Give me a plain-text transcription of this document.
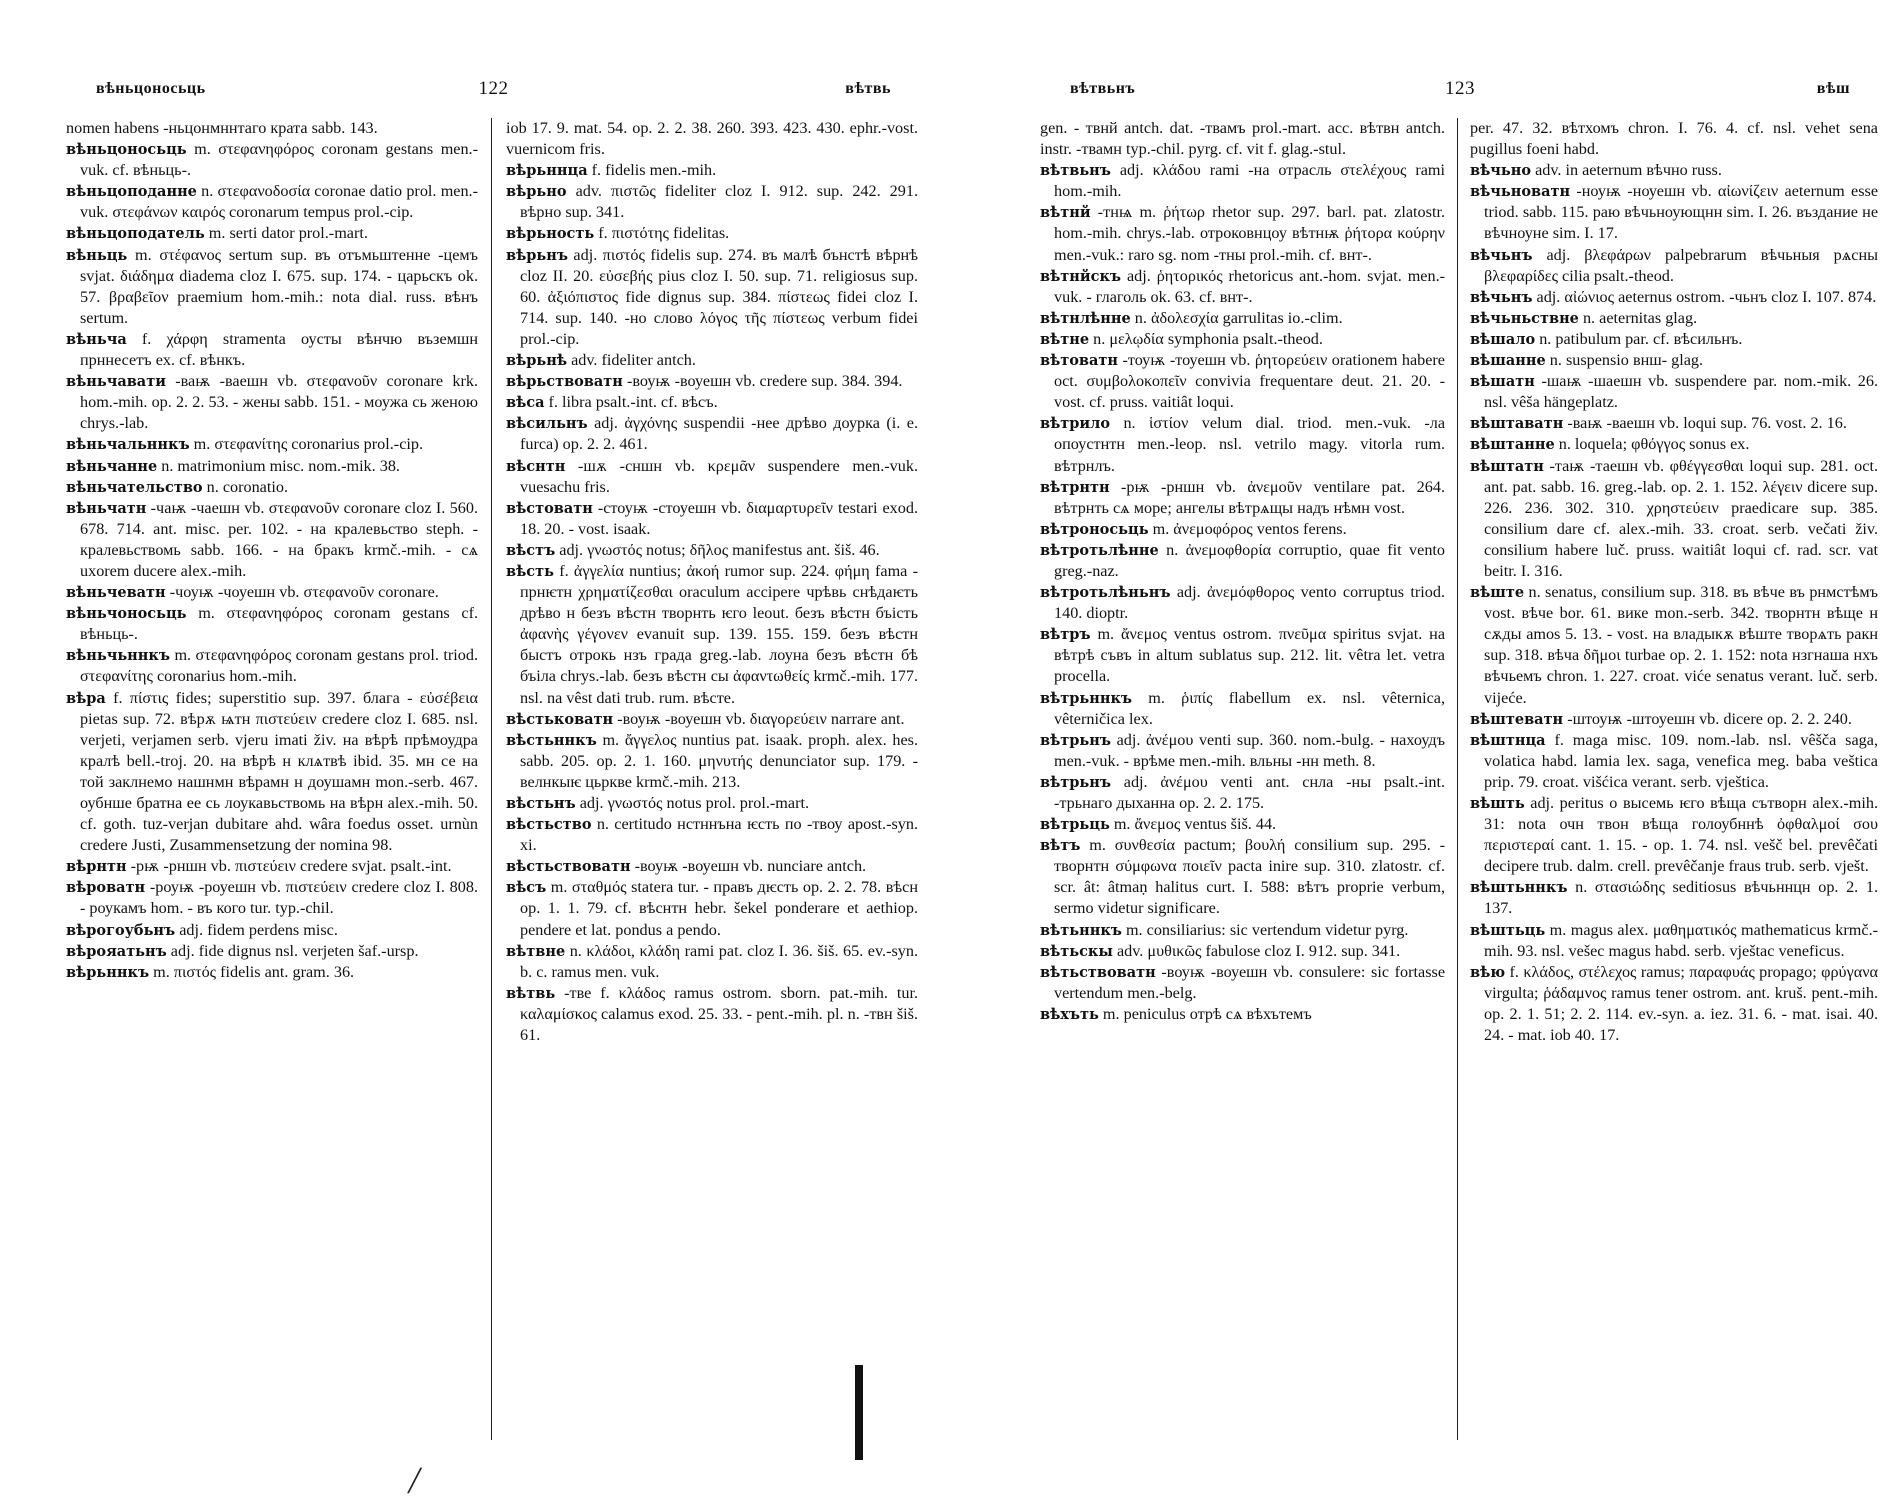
вѣньцоносьць	122	вѣтвь

nomen habens -ньцонмннтаго крата sabb. 143.

вѣньцоносьць m. στεφανηφόρος coronam gestans men.-vuk. cf. вѣньць-.

вѣньцоподанне n. στεφανοδοσία coronae datio prol. men.-vuk. στεφάνων καιρός coronarum tempus prol.-cip.

вѣньцоподатель m. serti dator prol.-mart.

вѣньць m. στέφανος sertum sup. въ отъмьштенне -цемъ svjat. διάδημα diadema cloz I. 675. sup. 174. - царьскъ ok. 57. βραβεῖον praemium hom.-mih.: nota dial. russ. вѣнъ sertum.

вѣньча f. χάρφη stramenta оусты вѣнчю въземшн прннесетъ ex. cf. вѣнкъ.

вѣньчавати -ваѭ -ваешн vb. στεφανοῦν coronare krk. hom.-mih. op. 2. 2. 53. - жены sabb. 151. - моужа сь женою chrys.-lab.

вѣньчальннкъ m. στεφανίτης coronarius prol.-cip.

вѣньчанне n. matrimonium misc. nom.-mik. 38.

вѣньчательство n. coronatio.

вѣньчатн -чаѭ -чаешн vb. στεφανοῦν coronare cloz I. 560. 678. 714. ant. misc. per. 102. - на кралевьство steph. - кралевьствомь sabb. 166. - на бракъ krmč.-mih. - сѧ uxorem ducere alex.-mih.

вѣньчеватн -чоуѭ -чоуешн vb. στεφανοῦν coronare.

вѣньчоносьць m. στεφανηφόρος coronam gestans cf. вѣньць-.

вѣньчьннкъ m. στεφανηφόρος coronam gestans prol. triod. στεφανίτης coronarius hom.-mih.

вѣра f. πίστις fides; superstitio sup. 397. блага - εὐσέβεια pietas sup. 72. вѣрѫ ѩтн πιστεύειν credere cloz I. 685. nsl. verjeti, verjamen serb. vjeru imati živ. на вѣрѣ прѣмоудра кралѣ bell.-troj. 20. на вѣрѣ н клѧтвѣ ibid. 35. мн се на той заклнемо нашнмн вѣрамн н доушамн mon.-serb. 467. оубнше братна ее сь лоукавьствомь на вѣрн alex.-mih. 50. cf. goth. tuz-verjan dubitare ahd. wâra foedus osset. urnùn credere Justi, Zusammensetzung der nomina 98.

вѣрнтн -рѭ -рншн vb. πιστεύειν credere svjat. psalt.-int.

вѣроватн -роуѭ -роуешн vb. πιστεύειν credere cloz I. 808. - роукамъ hom. - въ кого tur. typ.-chil.

вѣрогоубьнъ adj. fidem perdens misc.

вѣрояатьнъ adj. fide dignus nsl. verjeten šaf.-ursp.

вѣрьннкъ m. πιστός fidelis ant. gram. 36.

iob 17. 9. mat. 54. op. 2. 2. 38. 260. 393. 423. 430. ephr.-vost. vuernicom fris.

вѣрьннца f. fidelis men.-mih.

вѣрьно adv. πιστῶς fideliter cloz I. 912. sup. 242. 291. вѣрно sup. 341.

вѣрьность f. πιστότης fidelitas.

вѣрьнъ adj. πιστός fidelis sup. 274. въ малѣ бънстѣ вѣрнѣ cloz II. 20. εὐσεβής pius cloz I. 50. sup. 71. religiosus sup. 60. ἀξιόπιστος fide dignus sup. 384. πίστεως fidei cloz I. 714. sup. 140. -но слово λόγος τῆς πίστεως verbum fidei prol.-cip.

вѣрьнѣ adv. fideliter antch.

вѣрьствоватн -воуѭ -воуешн vb. credere sup. 384. 394.

вѣса f. libra psalt.-int. cf. вѣсъ.

вѣсильнъ adj. ἀγχόνης suspendii -нее дрѣво доурка (i. e. furca) op. 2. 2. 461.

вѣснтн -шѫ -сншн vb. κρεμᾶν suspendere men.-vuk. vuesachu fris.

вѣстоватн -стоуѭ -стоуешн vb. διαμαρτυρεῖν testari exod. 18. 20. - vost. isaak.

вѣстъ adj. γνωστός notus; δῆλος manifestus ant. šiš. 46.

вѣсть f. ἀγγελία nuntius; ἀκοή rumor sup. 224. φήμη fama - прнѥтн χρηματίζεσθαι oraculum accipere чрѣвь снѣдаѥть дрѣво н безъ вѣстн творнть ѥго leout. безъ вѣстн бъість ἀφανὴς γέγονεν evanuit sup. 139. 155. 159. безъ вѣстн быстъ отрокь нзъ града greg.-lab. лоуна безъ вѣстн бѣ бъіла chrys.-lab. безъ вѣстн сы ἀφαντωθείς krmč.-mih. 177. nsl. na vêst dati trub. rum. вѣсте.

вѣстьковатн -воуѭ -воуешн vb. διαγορεύειν narrare ant.

вѣстьннкъ m. ἄγγελος nuntius pat. isaak. proph. alex. hes. sabb. 205. op. 2. 1. 160. μηνυτής denunciator sup. 179. - велнкыѥ цьркве krmč.-mih. 213.

вѣстьнъ adj. γνωστός notus prol. prol.-mart.

вѣстьство n. certitudo нстннъна ѥсть по -твоу apost.-syn. xi.

вѣстьствоватн -воуѭ -воуешн vb. nunciare antch.

вѣсъ m. σταθμός statera tur. - правъ дѥсть op. 2. 2. 78. вѣсн op. 1. 1. 79. cf. вѣснтн hebr. šekel ponderare et aethiop. pendere et lat. pondus a pendo.

вѣтвне n. κλάδοι, κλάδη rami pat. cloz I. 36. šiš. 65. ev.-syn. b. c. ramus men. vuk.

вѣтвь -тве f. κλάδος ramus ostrom. sborn. pat.-mih. tur. καλαμίσκος calamus exod. 25. 33. - pent.-mih. pl. n. -твн šiš. 61.

вѣтвьнъ	123	вѣш

gen. - твнй antch. dat. -твамъ prol.-mart. acc. вѣтвн antch. instr. -твамн typ.-chil. pyrg. cf. vit f. glag.-stul.

вѣтвьнъ adj. κλάδου rami -на отрасль στελέχους rami hom.-mih.

вѣтнй -тнѩ m. ῥήτωρ rhetor sup. 297. barl. pat. zlatostr. hom.-mih. chrys.-lab. отроковнцоу вѣтнѭ ῥήτορα κούρην men.-vuk.: raro sg. nom -тны prol.-mih. cf. внт-.

вѣтнйскъ adj. ῥητορικός rhetoricus ant.-hom. svjat. men.-vuk. - глаголь ok. 63. cf. внт-.

вѣтнлѣнне n. ἀδολεσχία garrulitas io.-clim.

вѣтне n. μελῳδία symphonia psalt.-theod.

вѣтоватн -тоуѭ -тоуешн vb. ῥητορεύειν orationem habere oct. συμβολοκοπεῖν convivia frequentare deut. 21. 20. - vost. cf. pruss. vaitiât loqui.

вѣтрило n. ἱστίον velum dial. triod. men.-vuk. -ла опоустнтн men.-leop. nsl. vetrilo magy. vitorla rum. вѣтрнлъ.

вѣтрнтн -рѭ -рншн vb. ἀνεμοῦν ventilare pat. 264. вѣтрнть сѧ море; ангелы вѣтрѧщы надъ нѣмн vost.

вѣтроносьць m. ἀνεμοφόρος ventos ferens.

вѣтротьлѣнне n. ἀνεμοφθορία corruptio, quae fit vento greg.-naz.

вѣтротьлѣньнъ adj. ἀνεμόφθορος vento corruptus triod. 140. dioptr.

вѣтръ m. ἄνεμος ventus ostrom. πνεῦμα spiritus svjat. на вѣтрѣ съвъ in altum sublatus sup. 212. lit. vêtra let. vetra procella.

вѣтрьннкъ m. ῥιπίς flabellum ex. nsl. vêternica, vêterničica lex.

вѣтрьнъ adj. ἀνέμου venti sup. 360. nom.-bulg. - нахоудъ men.-vuk. - врѣме men.-mih. вльны -нн meth. 8.

вѣтрьнъ adj. ἀνέμου venti ant. снла -ны psalt.-int. -трьнаго дыханна op. 2. 2. 175.

вѣтрьць m. ἄνεμος ventus šiš. 44.

вѣтъ m. συνθεσία pactum; βουλή consilium sup. 295. - творнтн σύμφωνα ποιεῖν pacta inire sup. 310. zlatostr. cf. scr. ât: âtmaṇ halitus curt. I. 588: вѣтъ proprie verbum, sermo videtur significare.

вѣтьннкъ m. consiliarius: sic vertendum videtur pyrg.

вѣтьскы adv. μυθικῶς fabulose cloz I. 912. sup. 341.

вѣтьствоватн -воуѭ -воуешн vb. consulere: sic fortasse vertendum men.-belg.

вѣхъть m. peniculus отрѣ сѧ вѣхътемъ

per. 47. 32. вѣтхомъ chron. I. 76. 4. cf. nsl. vehet sena pugillus foeni habd.

вѣчьно adv. in aeternum вѣчно russ.

вѣчьноватн -ноуѭ -ноуешн vb. αἰωνίζειν aeternum esse triod. sabb. 115. раю вѣчьноующнн sim. I. 26. въздание не вѣчноуне sim. I. 17.

вѣчьнъ adj. βλεφάρων palpebrarum вѣчьныя рѧсны βλεφαρίδες cilia psalt.-theod.

вѣчьнъ adj. αἰώνιος aeternus ostrom. -чьнъ cloz I. 107. 874.

вѣчьньствне n. aeternitas glag.

вѣшало n. patibulum par. cf. вѣсильнъ.

вѣшанне n. suspensio внш- glag.

вѣшатн -шаѭ -шаешн vb. suspendere par. nom.-mik. 26. nsl. vêša hängeplatz.

вѣштаватн -ваѭ -ваешн vb. loqui sup. 76. vost. 2. 16.

вѣштанне n. loquela; φθόγγος sonus ex.

вѣштатн -таѭ -таешн vb. φθέγγεσθαι loqui sup. 281. oct. ant. pat. sabb. 16. greg.-lab. op. 2. 1. 152. λέγειν dicere sup. 226. 236. 302. 310. χρηστεύειν praedicare sup. 385. consilium dare cf. alex.-mih. 33. croat. serb. večati živ. consilium habere luč. pruss. waitiât loqui cf. rad. scr. vat beitr. I. 316.

вѣште n. senatus, consilium sup. 318. въ вѣче въ рнмстѣмъ vost. вѣче bor. 61. вике mon.-serb. 342. творнтн вѣще н сѫды amos 5. 13. - vost. на владыкѫ вѣште творѧть ракн sup. 318. вѣча δῆμοι turbae op. 2. 1. 152: nota нзгнаша нхъ вѣчьемъ chron. 1. 227. croat. viće senatus verant. luč. serb. vijeće.

вѣштеватн -штоуѭ -штоуешн vb. dicere op. 2. 2. 240.

вѣштнца f. maga misc. 109. nom.-lab. nsl. vêšča saga, volatica habd. lamia lex. saga, venefica meg. baba veštica prip. 79. croat. višćica verant. serb. vještica.

вѣшть adj. peritus о высемь ѥго вѣща сътворн alex.-mih. 31: nota очн твон вѣща голоубннѣ ὀφθαλμοί σου περιστεραί cant. 1. 15. - op. 1. 74. nsl. vešč bel. prevêčati decipere trub. dalm. crell. prevêčanje fraus trub. serb. vješt.

вѣштьннкъ n. στασιώδης seditiosus вѣчьннцн op. 2. 1. 137.

вѣштьць m. magus alex. μαθηματικός mathematicus krmč.-mih. 93. nsl. vešec magus habd. serb. vještac veneficus.

вѣю f. κλάδος, στέλεχος ramus; παραφυάς propago; φρύγανα virgulta; ῥάδαμνος ramus tener ostrom. ant. kruš. pent.-mih. op. 2. 1. 51; 2. 2. 114. ev.-syn. a. iez. 31. 6. - mat. isai. 40. 24. - mat. iob 40. 17.

╱
